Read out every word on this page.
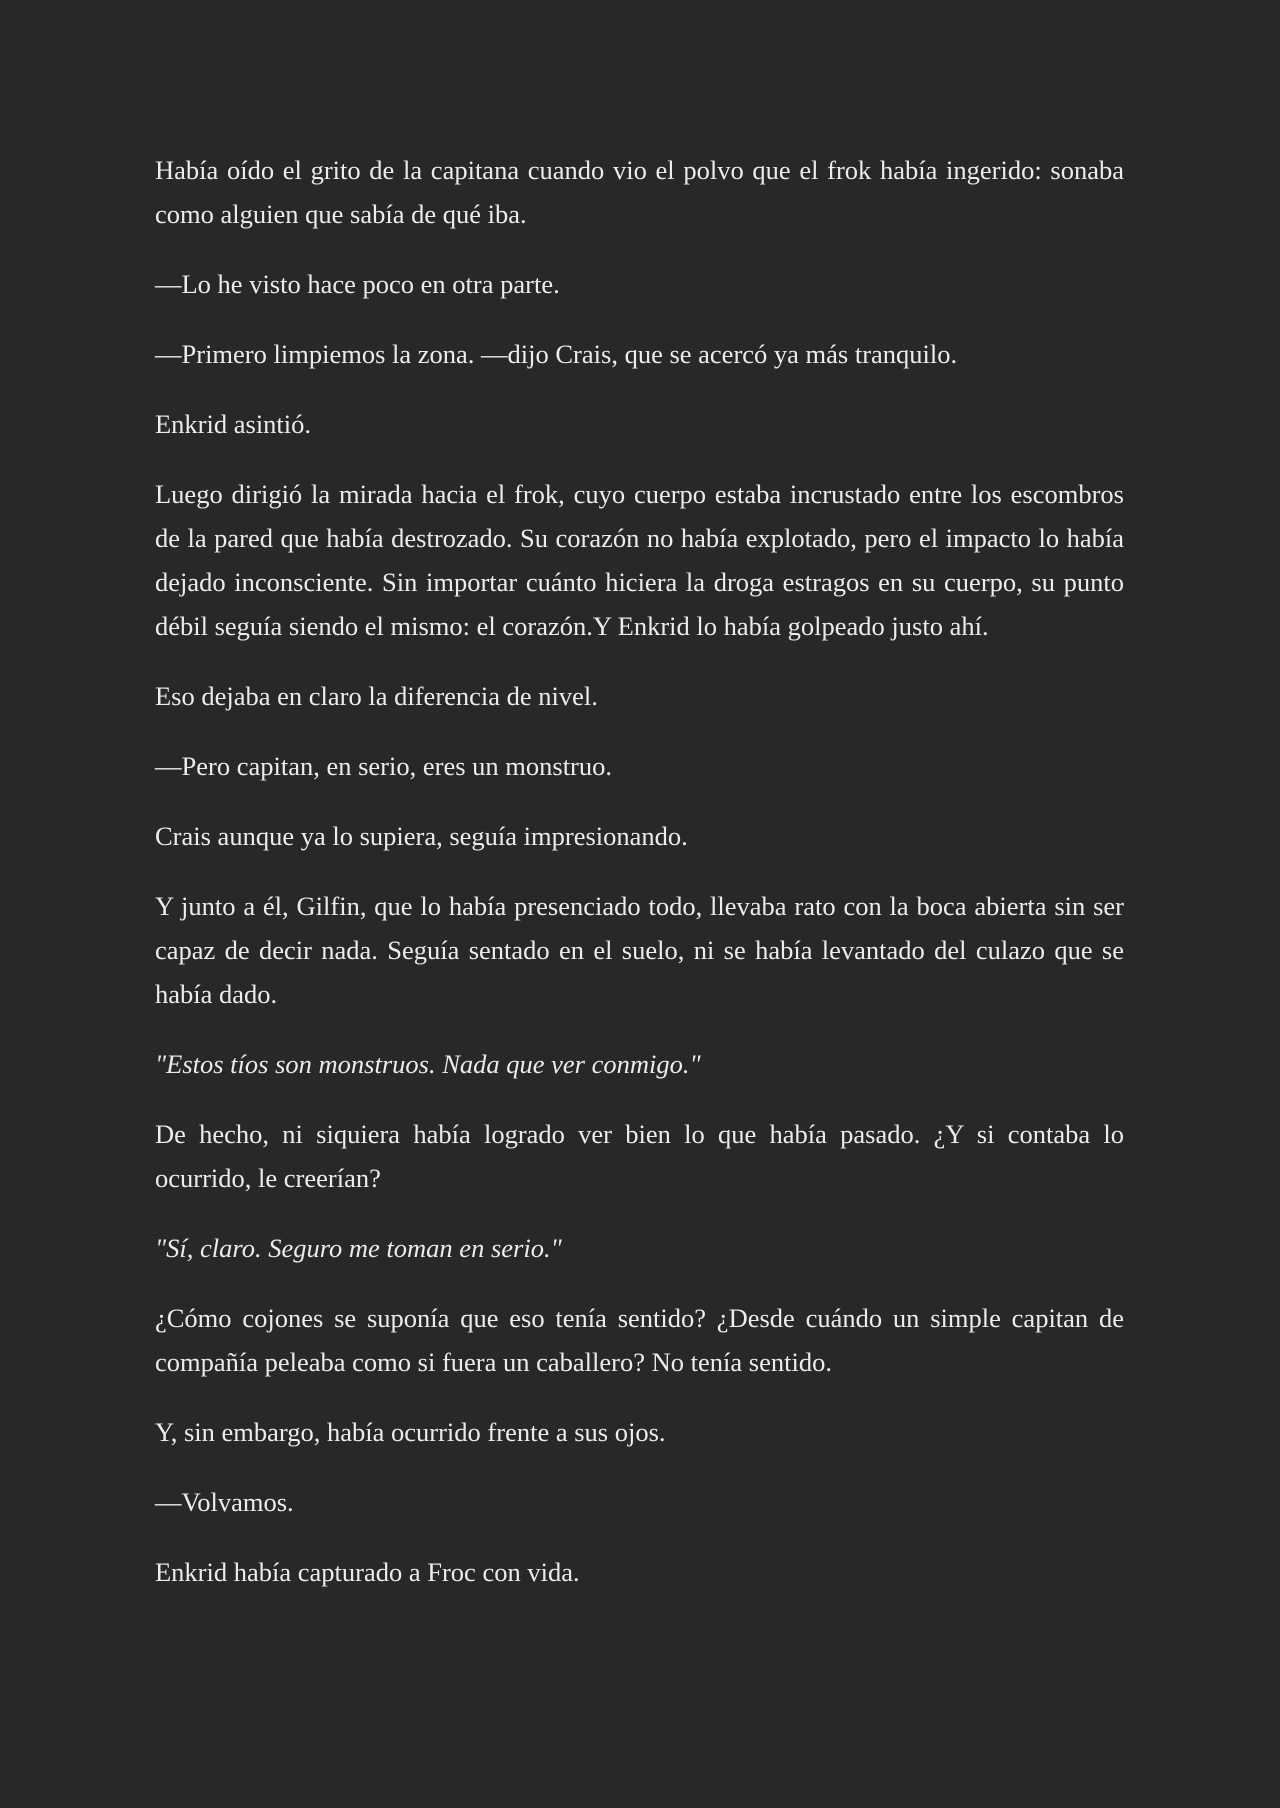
Había oído el grito de la capitana cuando vio el polvo que el frok había ingerido: sonaba como alguien que sabía de qué iba.

—Lo he visto hace poco en otra parte.

—Primero limpiemos la zona. —dijo Crais, que se acercó ya más tranquilo.

Enkrid asintió.

Luego dirigió la mirada hacia el frok, cuyo cuerpo estaba incrustado entre los escombros de la pared que había destrozado. Su corazón no había explotado, pero el impacto lo había dejado inconsciente. Sin importar cuánto hiciera la droga estragos en su cuerpo, su punto débil seguía siendo el mismo: el corazón.Y Enkrid lo había golpeado justo ahí.

Eso dejaba en claro la diferencia de nivel.

—Pero capitan, en serio, eres un monstruo.

Crais aunque ya lo supiera, seguía impresionando.

Y junto a él, Gilfin, que lo había presenciado todo, llevaba rato con la boca abierta sin ser capaz de decir nada. Seguía sentado en el suelo, ni se había levantado del culazo que se había dado.

"Estos tíos son monstruos. Nada que ver conmigo."

De hecho, ni siquiera había logrado ver bien lo que había pasado. ¿Y si contaba lo ocurrido, le creerían?

"Sí, claro. Seguro me toman en serio."

¿Cómo cojones se suponía que eso tenía sentido? ¿Desde cuándo un simple capitan de compañía peleaba como si fuera un caballero? No tenía sentido.

Y, sin embargo, había ocurrido frente a sus ojos.

—Volvamos.

Enkrid había capturado a Froc con vida.
